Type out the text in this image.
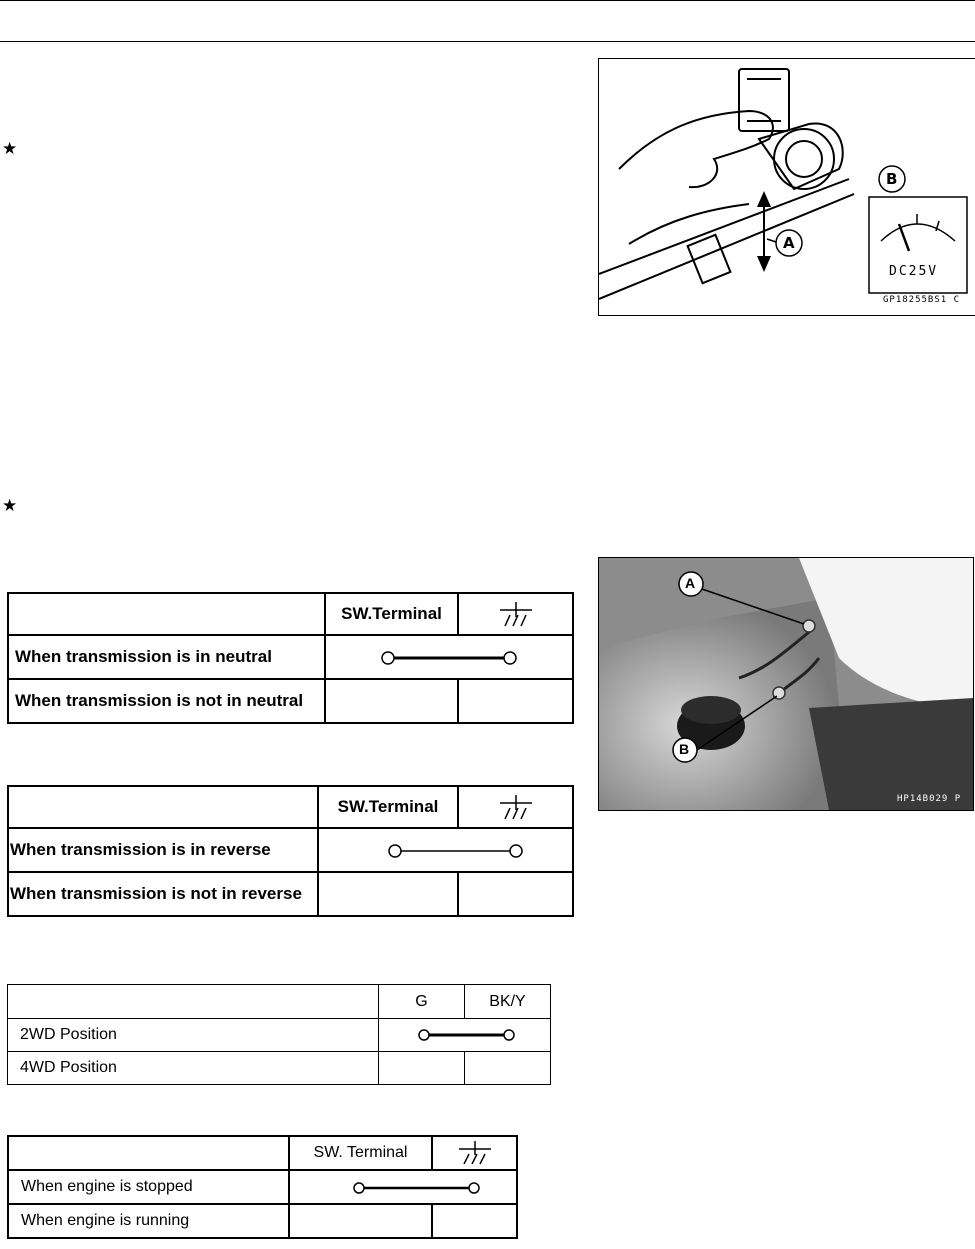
★
★
A
B
DC25V
GP18255BS1 C
A
B
HP14B029 P
	SW.Terminal	

When transmission is in neutral	

When transmission is not in neutral		
	SW.Terminal	

When transmission is in reverse	

When transmission is not in reverse		
	G	BK/Y
2WD Position	

4WD Position		
	SW. Terminal	

When engine is stopped	

When engine is running		
